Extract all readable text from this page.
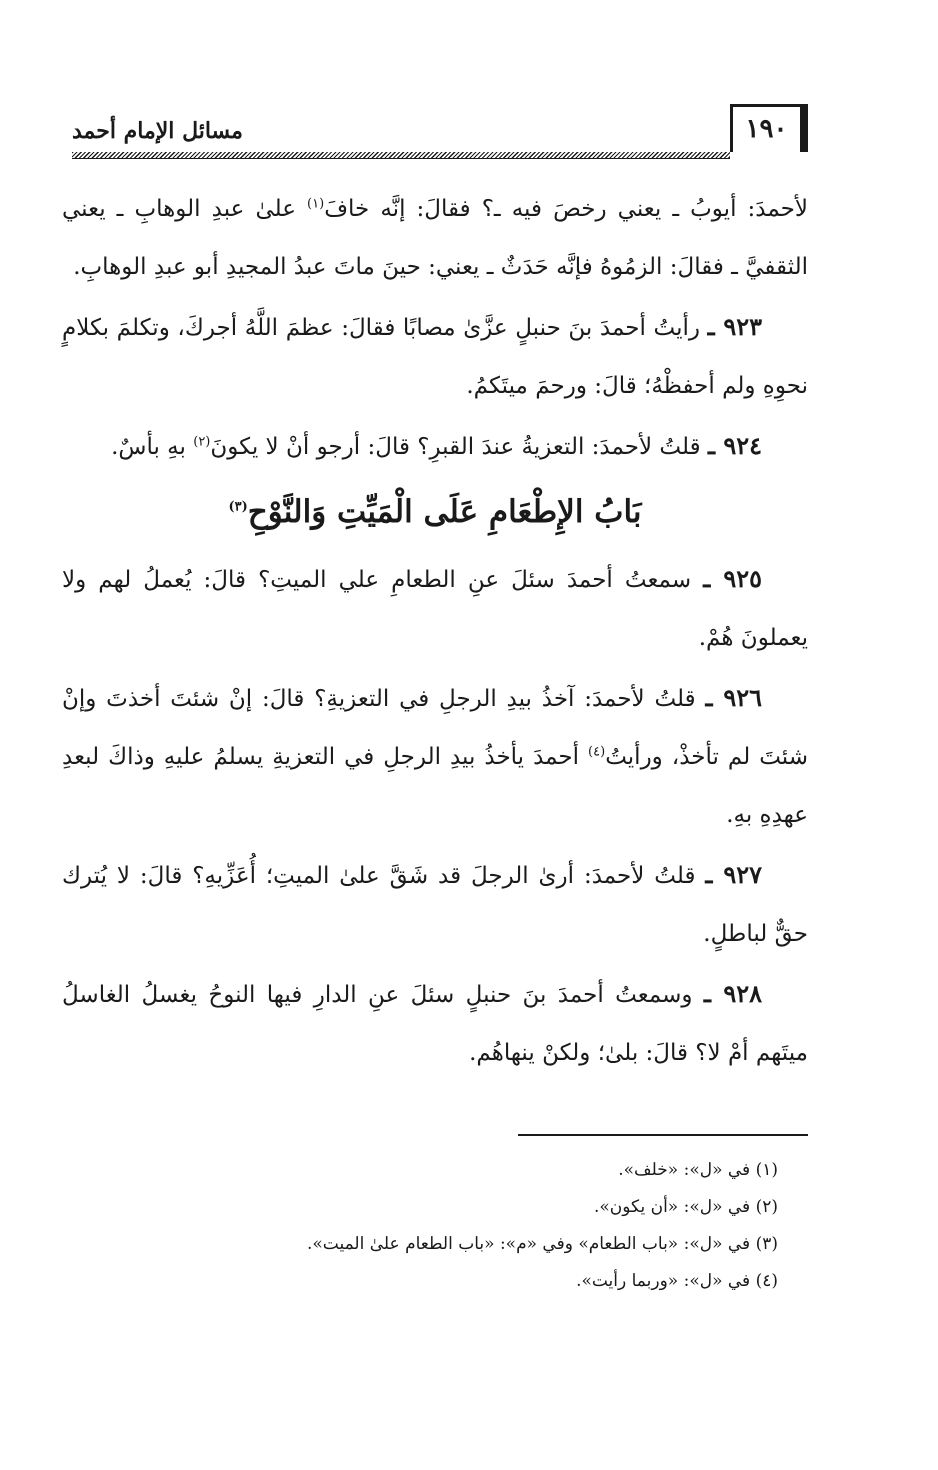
١٩٠
مسائل الإمام أحمد

لأحمدَ: أيوبُ ـ يعني رخصَ فيه ـ؟ فقالَ: إنَّه خافَ$^{(١)}$ علىٰ عبدِ الوهابِ ـ يعني الثقفيَّ ـ فقالَ: الزمُوهُ فإنَّه حَدَثٌ ـ يعني: حينَ ماتَ عبدُ المجيدِ أبو عبدِ الوهابِ.

٩٢٣ ـ رأيتُ أحمدَ بنَ حنبلٍ عزَّىٰ مصابًا فقالَ: عظمَ اللَّهُ أجركَ، وتكلمَ بكلامٍ نحوِهِ ولم أحفظْهُ؛ قالَ: ورحمَ ميتَكمُ.

٩٢٤ ـ قلتُ لأحمدَ: التعزيةُ عندَ القبرِ؟ قالَ: أرجو أنْ لا يكونَ$^{(٢)}$ بهِ بأسٌ.

بَابُ الإِطْعَامِ عَلَى الْمَيِّتِ وَالنَّوْحِ$^{(٣)}$

٩٢٥ ـ سمعتُ أحمدَ سئلَ عنِ الطعامِ علي الميتِ؟ قالَ: يُعملُ لهم ولا يعملونَ هُمْ.

٩٢٦ ـ قلتُ لأحمدَ: آخذُ بيدِ الرجلِ في التعزيةِ؟ قالَ: إنْ شئتَ أخذتَ وإنْ شئتَ لم تأخذْ، ورأيتُ$^{(٤)}$ أحمدَ يأخذُ بيدِ الرجلِ في التعزيةِ يسلمُ عليهِ وذاكَ لبعدِ عهدِهِ بهِ.

٩٢٧ ـ قلتُ لأحمدَ: أرىٰ الرجلَ قد شَقَّ علىٰ الميتِ؛ أُعَزِّيهِ؟ قالَ: لا يُترك حقٌّ لباطلٍ.

٩٢٨ ـ وسمعتُ أحمدَ بنَ حنبلٍ سئلَ عنِ الدارِ فيها النوحُ يغسلُ الغاسلُ ميتَهم أمْ لا؟ قالَ: بلىٰ؛ ولكنْ ينهاهُم.

(١) في «ل»: «خلف».

(٢) في «ل»: «أن يكون».

(٣) في «ل»: «باب الطعام» وفي «م»: «باب الطعام علىٰ الميت».

(٤) في «ل»: «وربما رأيت».
